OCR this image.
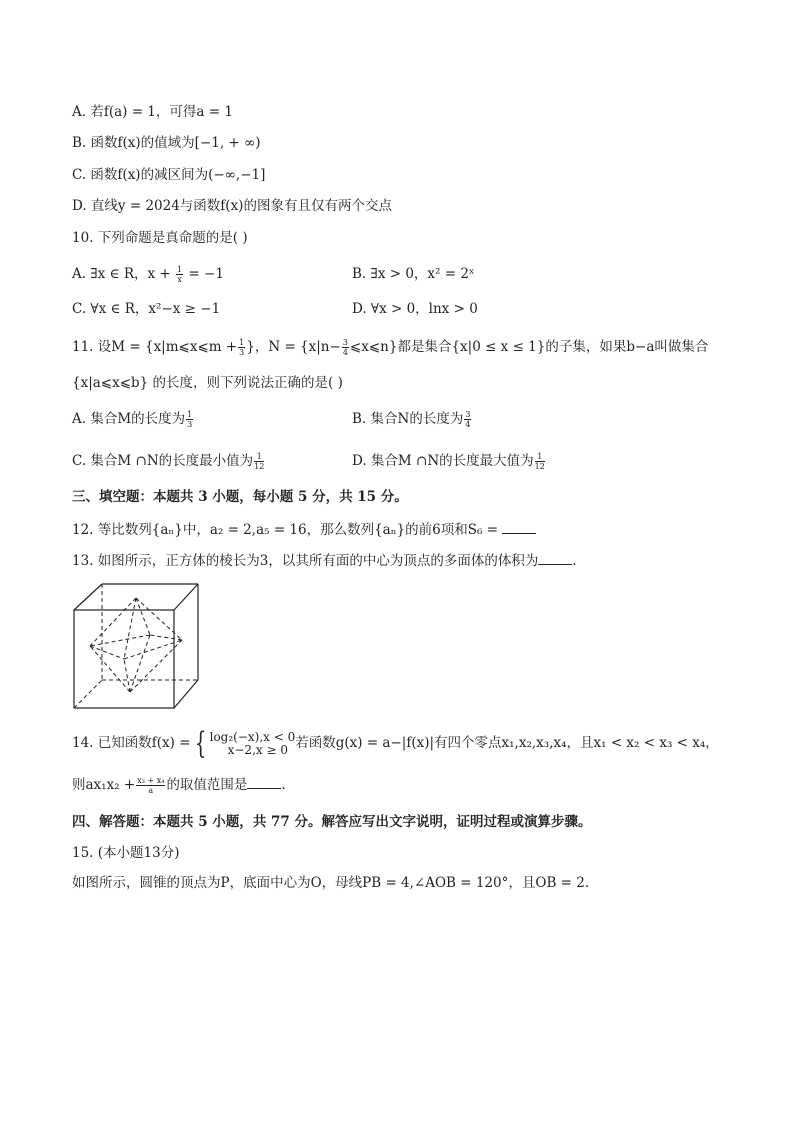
A. 若f(a) = 1，可得a = 1
B. 函数f(x)的值域为[−1, + ∞)
C. 函数f(x)的减区间为(−∞,−1]
D. 直线y = 2024与函数f(x)的图象有且仅有两个交点
10. 下列命题是真命题的是( )
A. ∃x ∈ R，$x + \frac{1}{x} = -1$	B. ∃x > 0，x² = 2ˣ
C. ∀x ∈ R，x²−x ≥ −1	D. ∀x > 0，lnx > 0
11. 设M = {x|m⩽x⩽m + $\frac{1}{3}$ }，$N = \{x|n- \frac{3}{4}$ ⩽x⩽n}都是集合{x|0 ≤ x ≤ 1}的子集，如果b−a叫做集合
{x|a⩽x⩽b} 的长度，则下列说法正确的是( )
A. 集合M的长度为 $\frac{1}{3}$	B. 集合N的长度为 $\frac{3}{4}$
C. 集合M ∩N的长度最小值为 $\frac{1}{12}$	D. 集合M ∩N的长度最大值为 $\frac{1}{12}$
三、填空题：本题共 3 小题，每小题 5 分，共 15 分。
12. 等比数列{aₙ}中，a₂ = 2,a₅ = 16，那么数列{aₙ}的前6项和S₆ =
13. 如图所示，正方体的棱长为3，以其所有面的中心为顶点的多面体的体积为	.
14. 已知函数f(x) = { log₂(−x),x < 0
x−2,x ≥ 0 若函数g(x) = a−|f(x)|有四个零点x₁,x₂,x₃,x₄，且x₁ < x₂ < x₃ < x₄，
则$ax_1x_2 + \frac{\text{x₃ + x₄}}{a}$ 的取值范围是	.
四、解答题：本题共 5 小题，共 77 分。解答应写出文字说明，证明过程或演算步骤。
15. (本小题13分)
如图所示，圆锥的顶点为P，底面中心为O，母线PB = 4,∠AOB = 120°，且OB = 2.
